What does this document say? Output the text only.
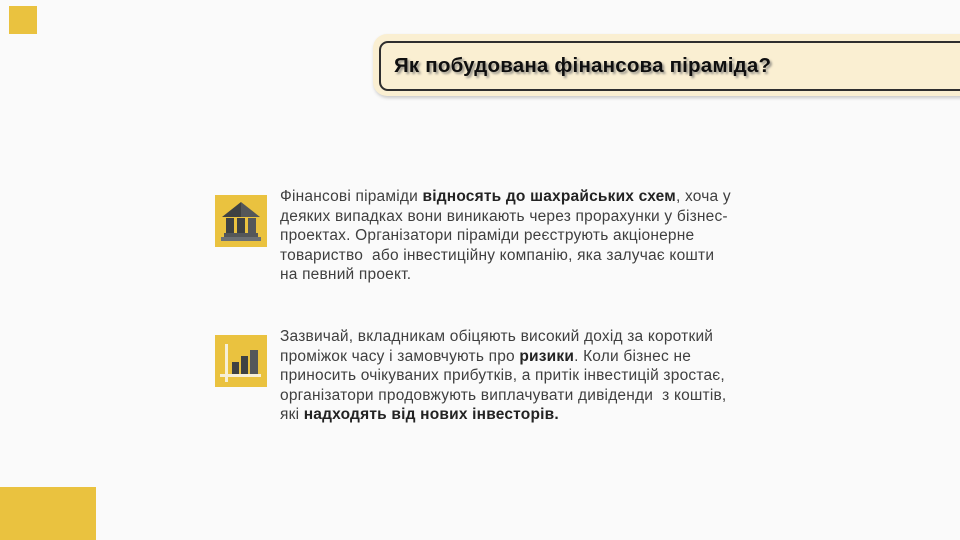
Як побудована фінансова піраміда?

Фінансові піраміди відносять до шахрайських схем, хоча у деяких випадках вони виникають через прорахунки у бізнес-проектах. Організатори піраміди реєструють акціонерне товариство  або інвестиційну компанію, яка залучає кошти на певний проект.

Зазвичай, вкладникам обіцяють високий дохід за короткий проміжок часу і замовчують про ризики. Коли бізнес не приносить очікуваних прибутків, а притік інвестицій зростає, організатори продовжують виплачувати дивіденди  з коштів,  які надходять від нових інвесторів.
